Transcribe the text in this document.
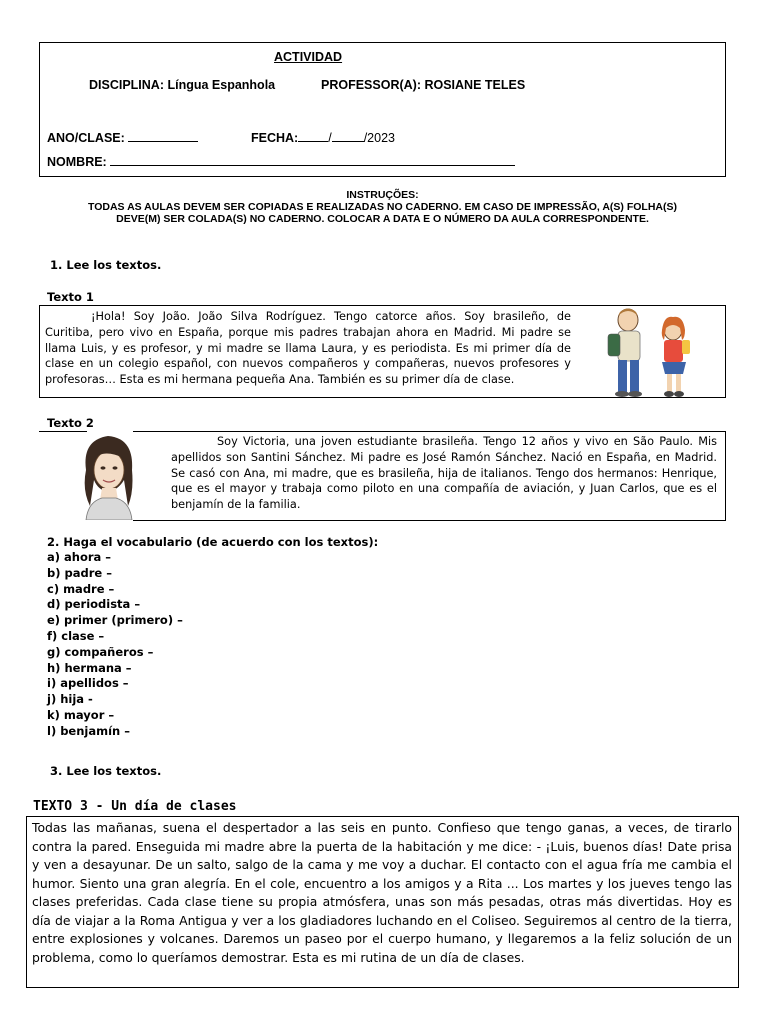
ACTIVIDAD
DISCIPLINA: Língua Espanhola	PROFESSOR(A): ROSIANE TELES
ANO/CLASE:	FECHA: /	/2023
NOMBRE:
INSTRUÇÕES:
TODAS AS AULAS DEVEM SER COPIADAS E REALIZADAS NO CADERNO. EM CASO DE IMPRESSÃO, A(S) FOLHA(S)
DEVE(M) SER COLADA(S) NO CADERNO. COLOCAR A DATA E O NÚMERO DA AULA CORRESPONDENTE.
1. Lee los textos.
Texto 1
¡Hola! Soy João. João Silva Rodríguez. Tengo catorce años. Soy brasileño, de Curitiba, pero vivo en España, porque mis padres trabajan ahora en Madrid. Mi padre se llama Luis, y es profesor, y mi madre se llama Laura, y es periodista. Es mi primer día de clase en un colegio español, con nuevos compañeros y compañeras, nuevos profesores y profesoras… Esta es mi hermana pequeña Ana. También es su primer día de clase.
Texto 2
Soy Victoria, una joven estudiante brasileña. Tengo 12 años y vivo en São Paulo. Mis apellidos son Santini Sánchez. Mi padre es José Ramón Sánchez. Nació en España, en Madrid. Se casó con Ana, mi madre, que es brasileña, hija de italianos. Tengo dos hermanos: Henrique, que es el mayor y trabaja como piloto en una compañía de aviación, y Juan Carlos, que es el benjamín de la familia.
2. Haga el vocabulario (de acuerdo con los textos):
a) ahora –
b) padre –
c) madre –
d) periodista –
e) primer (primero) –
f) clase –
g) compañeros –
h) hermana –
i) apellidos –
j) hija -
k) mayor –
l) benjamín –
3. Lee los textos.
TEXTO 3 - Un día de clases
Todas las mañanas, suena el despertador a las seis en punto. Confieso que tengo ganas, a veces, de tirarlo contra la pared. Enseguida mi madre abre la puerta de la habitación y me dice: - ¡Luis, buenos días! Date prisa y ven a desayunar. De un salto, salgo de la cama y me voy a duchar. El contacto con el agua fría me cambia el humor. Siento una gran alegría. En el cole, encuentro a los amigos y a Rita ... Los martes y los jueves tengo las clases preferidas. Cada clase tiene su propia atmósfera, unas son más pesadas, otras más divertidas. Hoy es día de viajar a la Roma Antigua y ver a los gladiadores luchando en el Coliseo. Seguiremos al centro de la tierra, entre explosiones y volcanes. Daremos un paseo por el cuerpo humano, y llegaremos a la feliz solución de un problema, como lo queríamos demostrar. Esta es mi rutina de un día de clases.
